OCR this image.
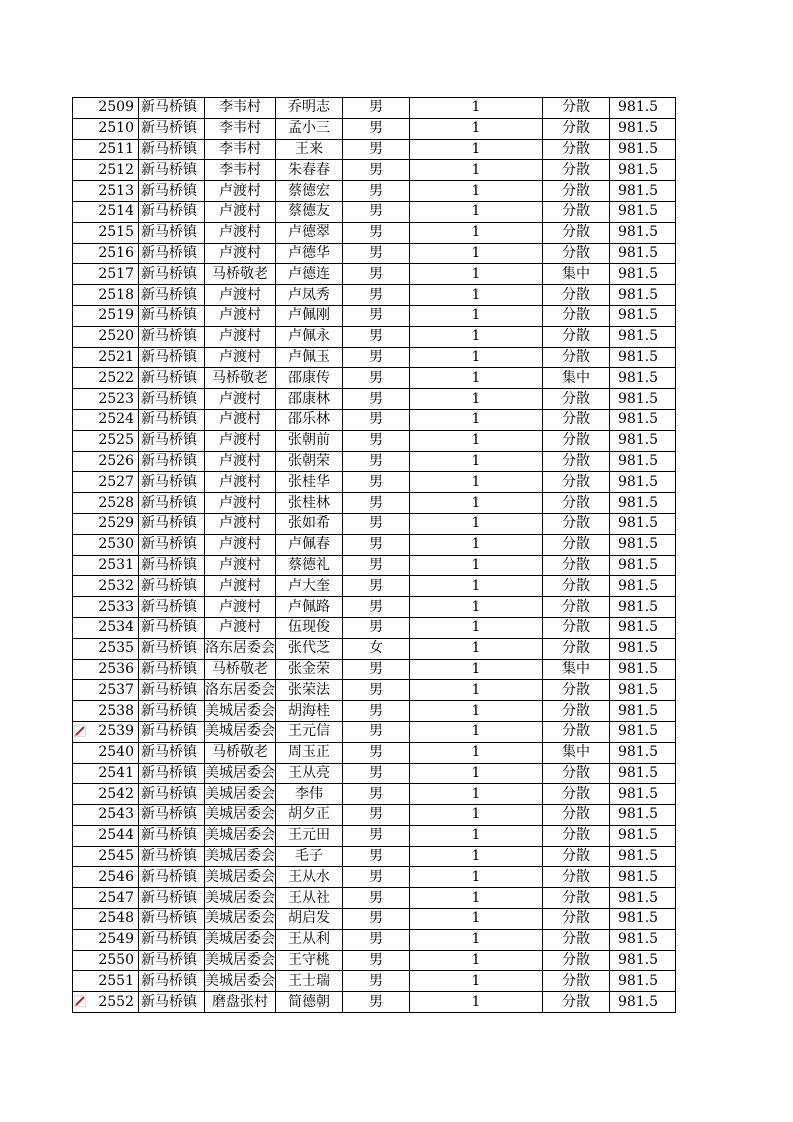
2509	新马桥镇	李韦村	乔明志	男	1	分散	981.5
2510	新马桥镇	李韦村	孟小三	男	1	分散	981.5
2511	新马桥镇	李韦村	王来	男	1	分散	981.5
2512	新马桥镇	李韦村	朱春春	男	1	分散	981.5
2513	新马桥镇	卢渡村	蔡德宏	男	1	分散	981.5
2514	新马桥镇	卢渡村	蔡德友	男	1	分散	981.5
2515	新马桥镇	卢渡村	卢德翠	男	1	分散	981.5
2516	新马桥镇	卢渡村	卢德华	男	1	分散	981.5
2517	新马桥镇	马桥敬老	卢德连	男	1	集中	981.5
2518	新马桥镇	卢渡村	卢凤秀	男	1	分散	981.5
2519	新马桥镇	卢渡村	卢佩刚	男	1	分散	981.5
2520	新马桥镇	卢渡村	卢佩永	男	1	分散	981.5
2521	新马桥镇	卢渡村	卢佩玉	男	1	分散	981.5
2522	新马桥镇	马桥敬老	邵康传	男	1	集中	981.5
2523	新马桥镇	卢渡村	邵康林	男	1	分散	981.5
2524	新马桥镇	卢渡村	邵乐林	男	1	分散	981.5
2525	新马桥镇	卢渡村	张朝前	男	1	分散	981.5
2526	新马桥镇	卢渡村	张朝荣	男	1	分散	981.5
2527	新马桥镇	卢渡村	张桂华	男	1	分散	981.5
2528	新马桥镇	卢渡村	张桂林	男	1	分散	981.5
2529	新马桥镇	卢渡村	张如希	男	1	分散	981.5
2530	新马桥镇	卢渡村	卢佩春	男	1	分散	981.5
2531	新马桥镇	卢渡村	蔡德礼	男	1	分散	981.5
2532	新马桥镇	卢渡村	卢大奎	男	1	分散	981.5
2533	新马桥镇	卢渡村	卢佩路	男	1	分散	981.5
2534	新马桥镇	卢渡村	伍现俊	男	1	分散	981.5
2535	新马桥镇	洛东居委会	张代芝	女	1	分散	981.5
2536	新马桥镇	马桥敬老	张金荣	男	1	集中	981.5
2537	新马桥镇	洛东居委会	张荣法	男	1	分散	981.5
2538	新马桥镇	美城居委会	胡海桂	男	1	分散	981.5

2539	新马桥镇	美城居委会	王元信	男	1	分散	981.5
2540	新马桥镇	马桥敬老	周玉正	男	1	集中	981.5
2541	新马桥镇	美城居委会	王从亮	男	1	分散	981.5
2542	新马桥镇	美城居委会	李伟	男	1	分散	981.5
2543	新马桥镇	美城居委会	胡夕正	男	1	分散	981.5
2544	新马桥镇	美城居委会	王元田	男	1	分散	981.5
2545	新马桥镇	美城居委会	毛子	男	1	分散	981.5
2546	新马桥镇	美城居委会	王从水	男	1	分散	981.5
2547	新马桥镇	美城居委会	王从社	男	1	分散	981.5
2548	新马桥镇	美城居委会	胡启发	男	1	分散	981.5
2549	新马桥镇	美城居委会	王从利	男	1	分散	981.5
2550	新马桥镇	美城居委会	王守桃	男	1	分散	981.5
2551	新马桥镇	美城居委会	王士瑞	男	1	分散	981.5

2552	新马桥镇	磨盘张村	简德朝	男	1	分散	981.5
